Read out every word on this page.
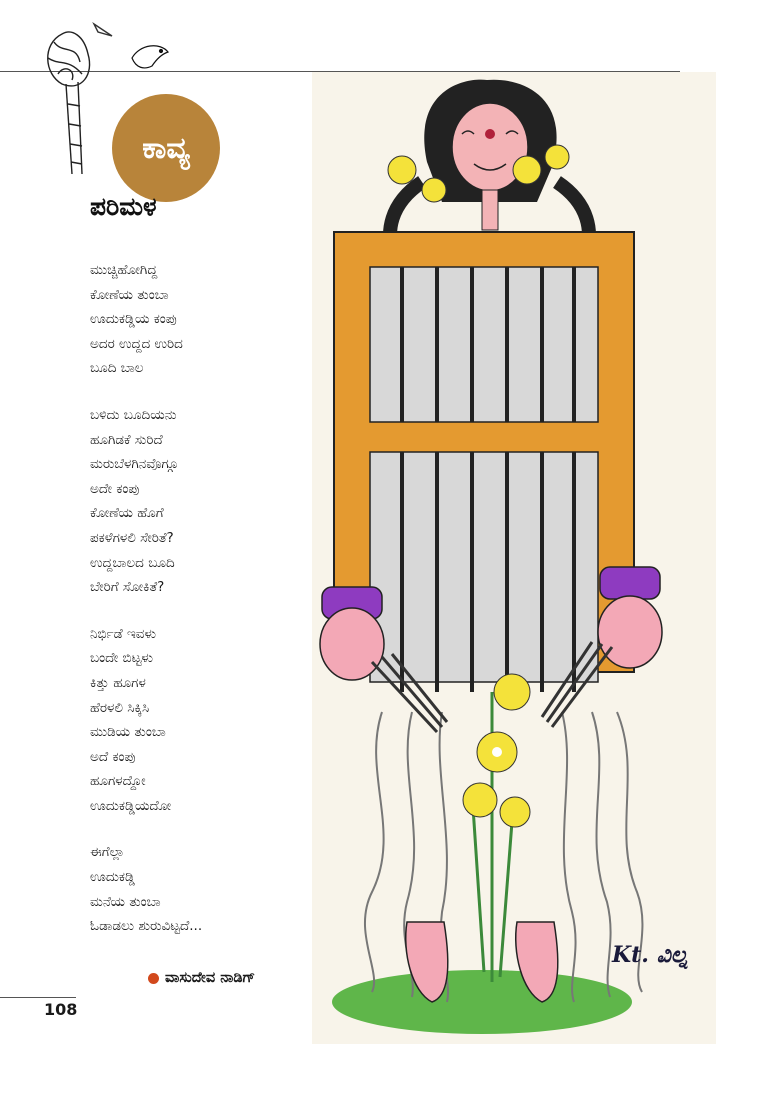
ಕಾವ್ಯ
ಪರಿಮಳ
ಮುಚ್ಚಿಹೋಗಿದ್ದ
ಕೋಣೆಯ ತುಂಬಾ
ಊದುಕಡ್ಡಿಯ ಕಂಪು
ಅದರ ಉದ್ದದ ಉರಿದ
ಬೂದಿ ಬಾಲ
ಬಳಿದು ಬೂದಿಯನು
ಹೂಗಿಡಕೆ ಸುರಿದೆ
ಮರುಬೆಳಗಿನವೊಗ್ಗೂ
ಅದೇ ಕಂಪು
ಕೋಣೆಯ ಹೊಗೆ
ಪಕಳೆಗಳಲಿ ಸೇರಿತೆ?
ಉದ್ದಬಾಲದ ಬೂದಿ
ಬೇರಿಗೆ ಸೋಕಿತೆ?
ನಿರ್ಭಿಡೆ ಇವಳು
ಬಂದೇ ಬಿಟ್ಟಳು
ಕಿತ್ತು ಹೂಗಳ
ಹೆರಳಲಿ ಸಿಕ್ಕಿಸಿ
ಮುಡಿಯ ತುಂಬಾ
ಅದೆ ಕಂಪು
ಹೂಗಳದ್ದೋ
ಊದುಕಡ್ಡಿಯದೋ
ಈಗೆಲ್ಲಾ
ಊದುಕಡ್ಡಿ
ಮನೆಯ ತುಂಬಾ
ಓಡಾಡಲು ಶುರುವಿಟ್ಟದೆ...
ವಾಸುದೇವ ನಾಡಿಗ್
108
Kt. ವಿಲ್ನ
